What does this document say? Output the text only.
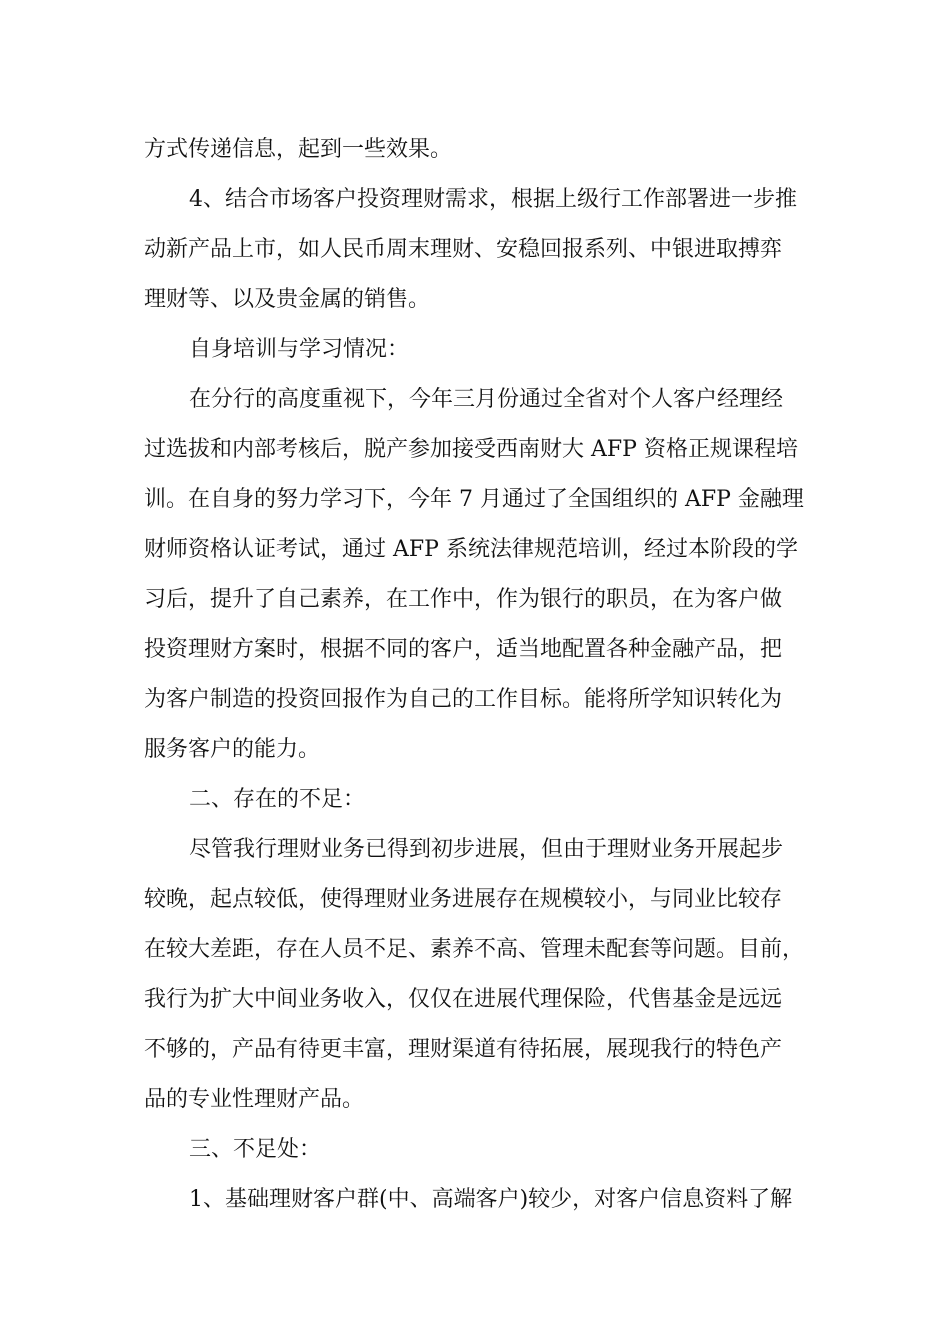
方式传递信息，起到一些效果。
4、结合市场客户投资理财需求，根据上级行工作部署进一步推
动新产品上市，如人民币周末理财、安稳回报系列、中银进取搏弈
理财等、以及贵金属的销售。
自身培训与学习情况：
在分行的高度重视下，今年三月份通过全省对个人客户经理经
过选拔和内部考核后，脱产参加接受西南财大 AFP 资格正规课程培
训。在自身的努力学习下，今年 7 月通过了全国组织的 AFP 金融理
财师资格认证考试，通过 AFP 系统法律规范培训，经过本阶段的学
习后，提升了自己素养，在工作中，作为银行的职员，在为客户做
投资理财方案时，根据不同的客户，适当地配置各种金融产品，把
为客户制造的投资回报作为自己的工作目标。能将所学知识转化为
服务客户的能力。
二、存在的不足：
尽管我行理财业务已得到初步进展，但由于理财业务开展起步
较晚，起点较低，使得理财业务进展存在规模较小，与同业比较存
在较大差距，存在人员不足、素养不高、管理未配套等问题。目前，
我行为扩大中间业务收入，仅仅在进展代理保险，代售基金是远远
不够的，产品有待更丰富，理财渠道有待拓展，展现我行的特色产
品的专业性理财产品。
三、不足处：
1、基础理财客户群(中、高端客户)较少，对客户信息资料了解
